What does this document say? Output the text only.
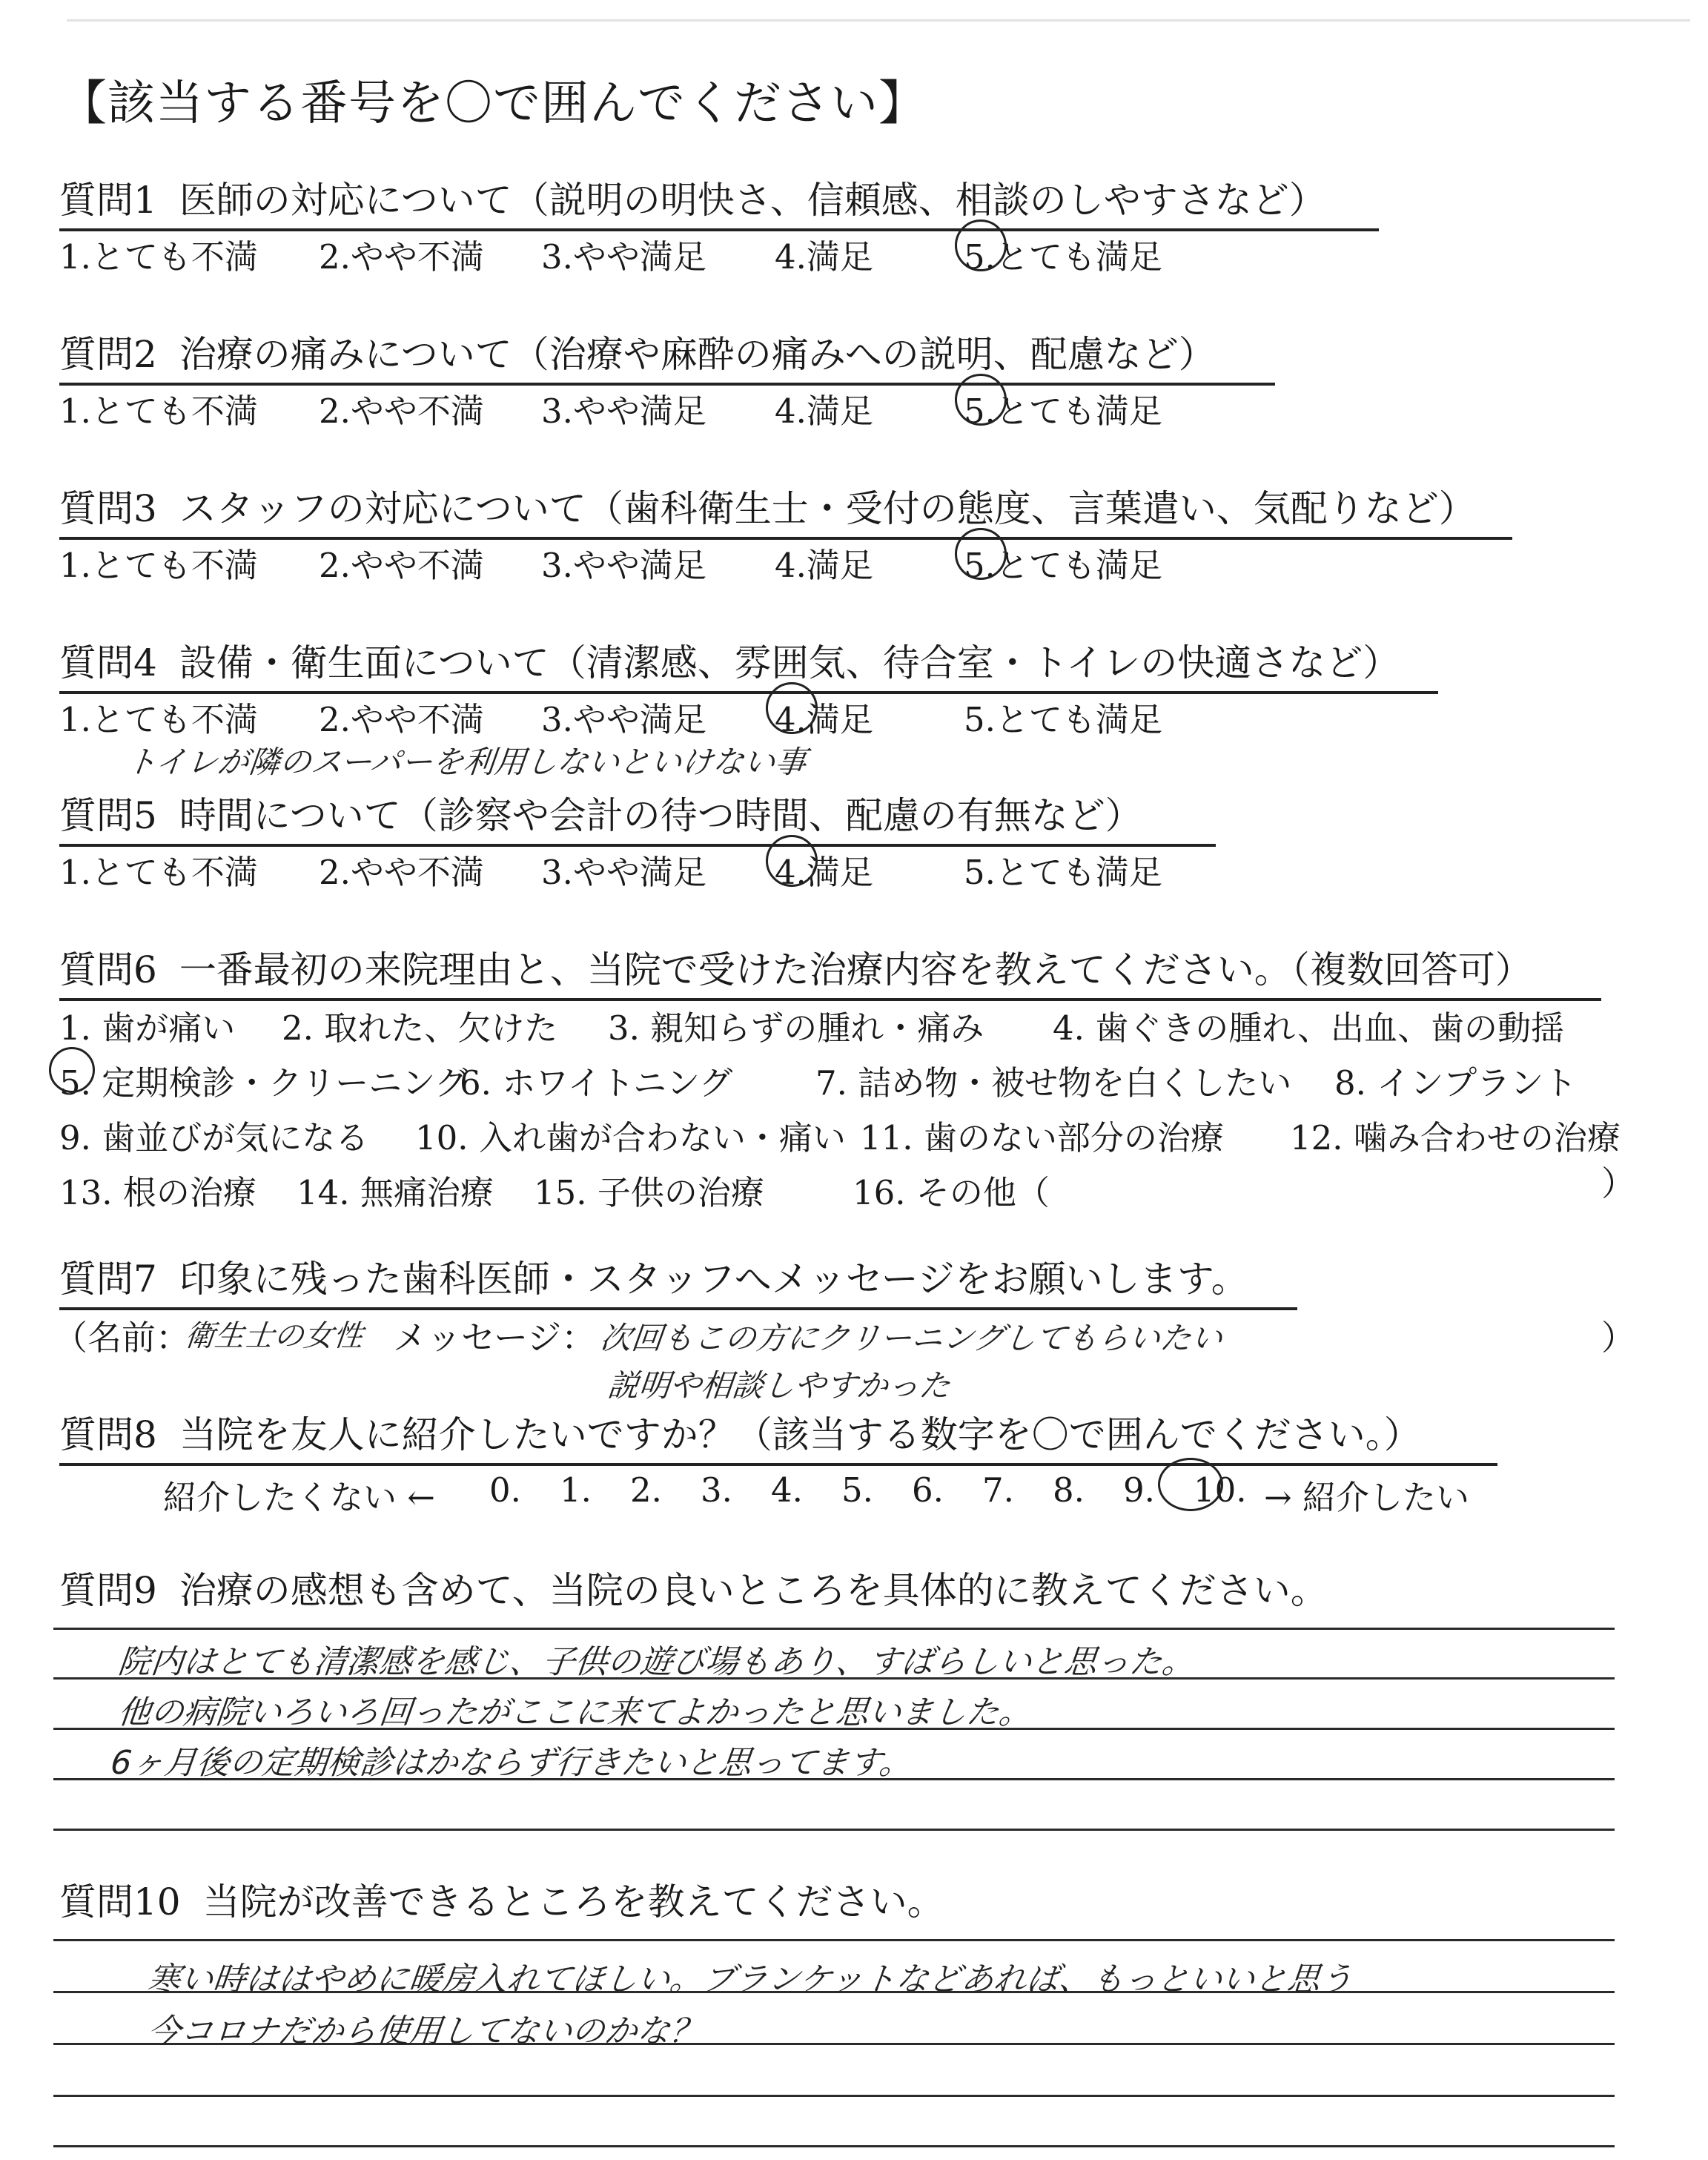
【該当する番号を〇で囲んでください】
質問1 医師の対応について（説明の明快さ、信頼感、相談のしやすさなど）
1.とても不満 2.やや不満 3.やや満足 4.満足	5.とても満足
質問2 治療の痛みについて（治療や麻酔の痛みへの説明、配慮など）
1.とても不満 2.やや不満 3.やや満足 4.満足	5.とても満足
質問3 スタッフの対応について（歯科衛生士・受付の態度、言葉遣い、気配りなど）
1.とても不満 2.やや不満 3.やや満足 4.満足	5.とても満足
質問4 設備・衛生面について（清潔感、雰囲気、待合室・トイレの快適さなど）
1.とても不満 2.やや不満 3.やや満足 4.満足	5.とても満足
質問5 時間について（診察や会計の待つ時間、配慮の有無など）
1.とても不満 2.やや不満 3.やや満足 4.満足	5.とても満足
トイレが隣のスーパーを利用しないといけない事
質問6 一番最初の来院理由と、当院で受けた治療内容を教えてください。（複数回答可）
1. 歯が痛い 2. 取れた、欠けた 3. 親知らずの腫れ・痛み 4. 歯ぐきの腫れ、出血、歯の動揺
5. 定期検診・クリーニング
6. ホワイトニング 7. 詰め物・被せ物を白くしたい 8. インプラント
9. 歯並びが気になる 10. 入れ歯が合わない・痛い 11. 歯のない部分の治療 12. 噛み合わせの治療
13. 根の治療 14. 無痛治療 15. 子供の治療	16. その他（	）
質問7 印象に残った歯科医師・スタッフへメッセージをお願いします。
（名前：
衛生士の女性 メッセージ： 次回もこの方にクリーニングしてもらいたい	）
説明や相談しやすかった
質問8 当院を友人に紹介したいですか？（該当する数字を〇で囲んでください。）
紹介したくない ← 0. 1. 2. 3. 4. 5. 6. 7. 8. 9. 10. → 紹介したい
質問9 治療の感想も含めて、当院の良いところを具体的に教えてください。
院内はとても清潔感を感じ、子供の遊び場もあり、すばらしいと思った。
他の病院いろいろ回ったがここに来てよかったと思いました。
6ヶ月後の定期検診はかならず行きたいと思ってます。
質問10 当院が改善できるところを教えてください。
寒い時ははやめに暖房入れてほしい。ブランケットなどあれば、もっといいと思う
今コロナだから使用してないのかな？
